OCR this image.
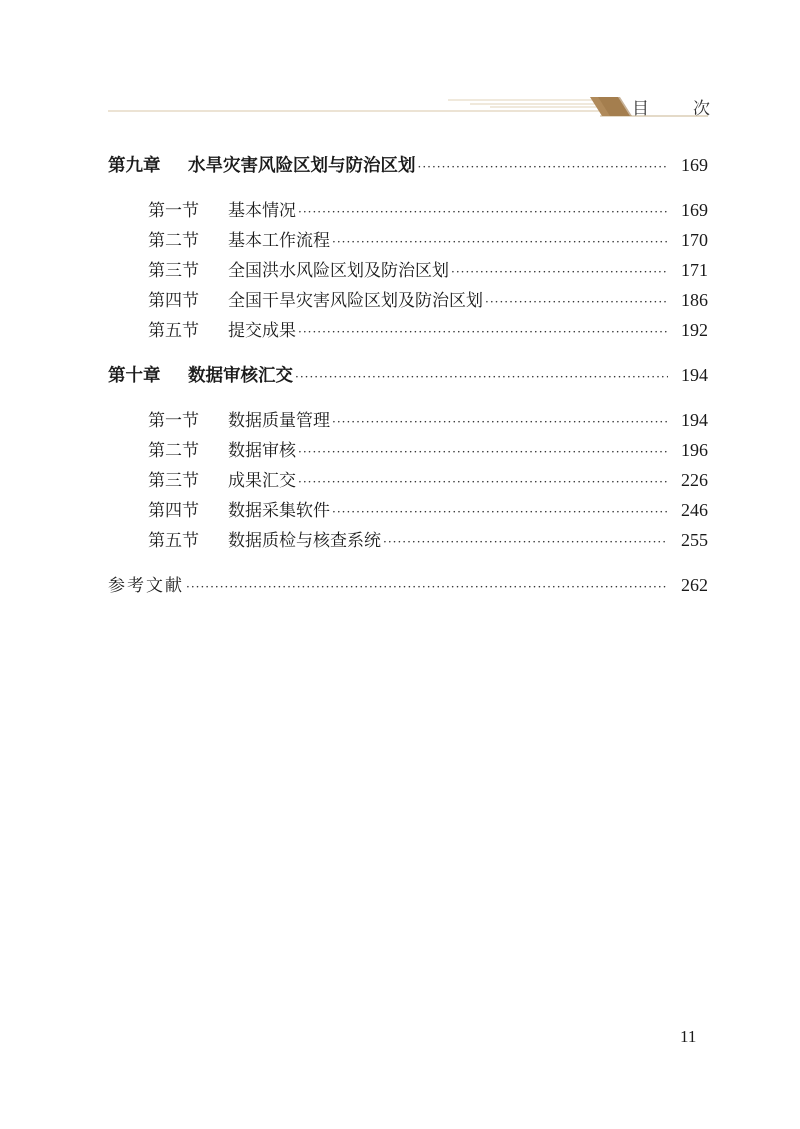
目	次
第九章 水旱灾害风险区划与防治区划 ·····	169
第一节 基本情况 ·····	169
第二节 基本工作流程 ·····	170
第三节 全国洪水风险区划及防治区划 ·····	171
第四节 全国干旱灾害风险区划及防治区划 ·····	186
第五节 提交成果 ·····	192
第十章 数据审核汇交 ·····	194
第一节 数据质量管理 ·····	194
第二节 数据审核 ·····	196
第三节 成果汇交 ·····	226
第四节 数据采集软件 ·····	246
第五节 数据质检与核查系统 ·····	255
参考文献 ·····	262
11
